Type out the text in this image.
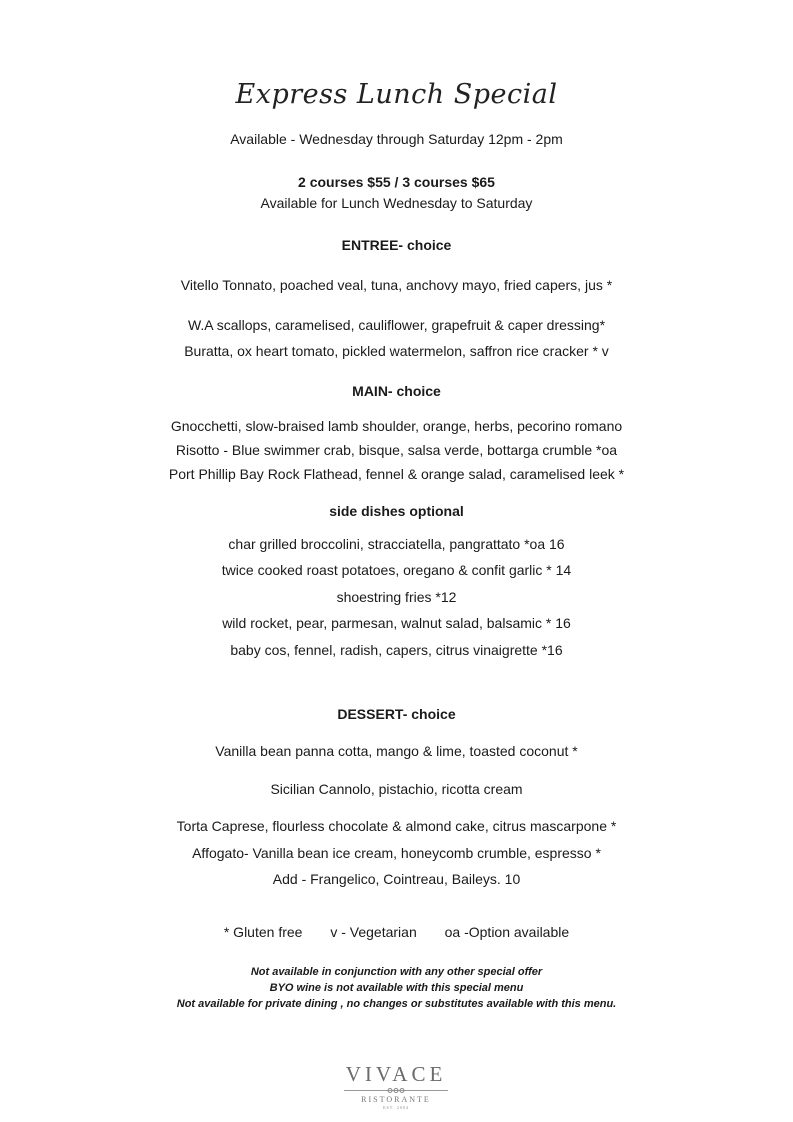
Express Lunch Special
Available - Wednesday through Saturday 12pm - 2pm
2 courses $55 / 3 courses $65
Available for Lunch Wednesday to Saturday
ENTREE- choice
Vitello Tonnato, poached veal, tuna, anchovy mayo, fried capers, jus *
W.A scallops, caramelised, cauliflower, grapefruit & caper dressing*
Buratta, ox heart tomato, pickled watermelon, saffron rice cracker * v
MAIN- choice
Gnocchetti, slow-braised lamb shoulder, orange, herbs, pecorino romano
Risotto - Blue swimmer crab, bisque, salsa verde, bottarga crumble *oa
Port Phillip Bay Rock Flathead, fennel & orange salad, caramelised leek *
side dishes optional
char grilled broccolini, stracciatella, pangrattato *oa 16
twice cooked roast potatoes, oregano & confit garlic * 14
shoestring fries *12
wild rocket, pear, parmesan, walnut salad, balsamic * 16
baby cos, fennel, radish, capers, citrus vinaigrette *16
DESSERT- choice
Vanilla bean panna cotta, mango & lime, toasted coconut *
Sicilian Cannolo, pistachio, ricotta cream
Torta Caprese, flourless chocolate & almond cake, citrus mascarpone *
Affogato- Vanilla bean ice cream, honeycomb crumble, espresso *
Add - Frangelico, Cointreau, Baileys. 10
* Gluten free v - Vegetarian oa -Option available
Not available in conjunction with any other special offer
BYO wine is not available with this special menu
Not available for private dining , no changes or substitutes available with this menu.
VIVACE
RISTORANTE
EST. 2004
